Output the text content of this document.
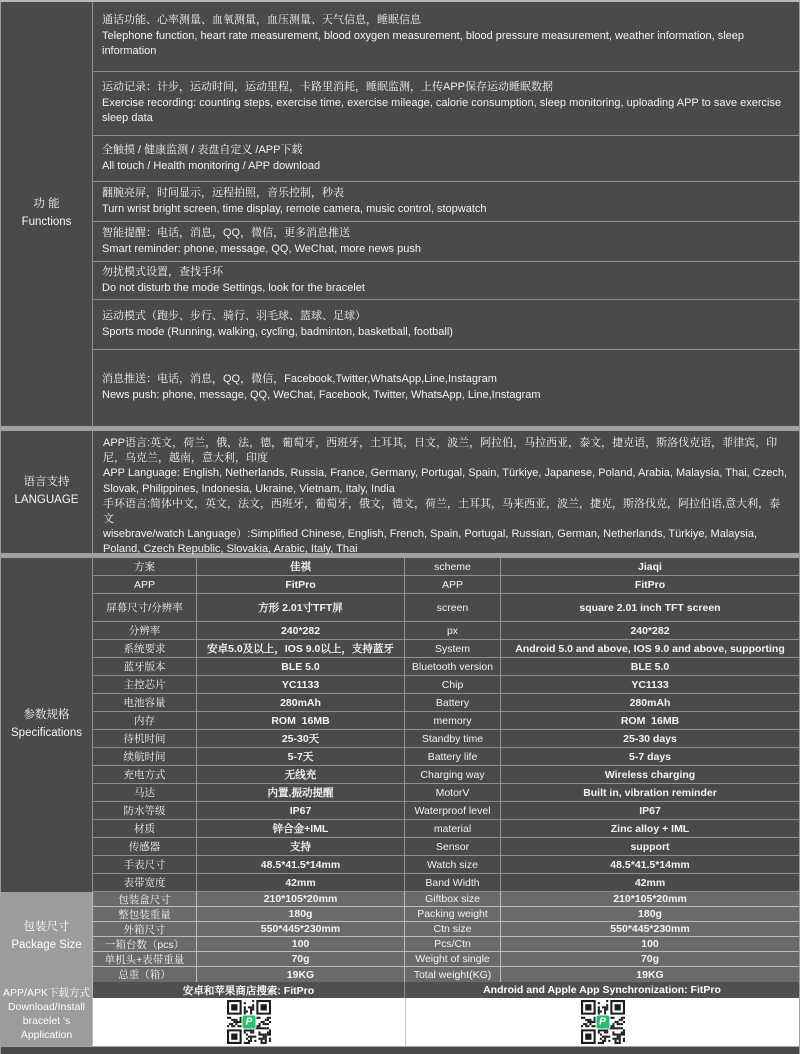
功 能
Functions

通话功能、心率测量、血氧测量，血压测量、天气信息，睡眠信息

Telephone function, heart rate measurement, blood oxygen measurement, blood pressure measurement, weather information, sleep information

运动记录：计步，运动时间，运动里程，卡路里消耗，睡眠监测，上传APP保存运动睡眠数据

Exercise recording: counting steps, exercise time, exercise mileage, calorie consumption, sleep monitoring, uploading APP to save exercise sleep data

全触摸 / 健康监测 / 表盘自定义 /APP下载

All touch / Health monitoring / APP download

翻腕亮屏，时间显示，远程拍照，音乐控制，秒表

Turn wrist bright screen, time display, remote camera, music control, stopwatch

智能提醒：电话，消息，QQ，微信，更多消息推送

Smart reminder: phone, message, QQ, WeChat, more news push

勿扰模式设置，查找手环

Do not disturb the mode Settings, look for the bracelet

运动模式（跑步、步行、骑行、羽毛球、篮球、足球）

Sports mode (Running, walking, cycling, badminton, basketball, football)

消息推送：电话，消息，QQ，微信，Facebook,Twitter,WhatsApp,Line,Instagram

News push: phone, message, QQ, WeChat, Facebook, Twitter, WhatsApp, Line,Instagram

语言支持
LANGUAGE

APP语言:英文，荷兰，俄，法，德，葡萄牙，西班牙，土耳其，日文，波兰，阿拉伯，马拉西亚，泰文，捷克语，斯洛伐克语，菲律宾，印尼，乌克兰，越南，意大利，印度

APP Language: English, Netherlands, Russia, France, Germany, Portugal, Spain, Türkiye, Japanese, Poland, Arabia, Malaysia, Thai, Czech, Slovak, Philippines, Indonesia, Ukraine, Vietnam, Italy, India

手环语言:简体中文，英文，法文，西班牙，葡萄牙，俄文，德文，荷兰，土耳其，马来西亚，波兰，捷克，斯洛伐克，阿拉伯语,意大利，泰文

wisebrave/watch Language）:Simplified Chinese, English, French, Spain, Portugal, Russian, German, Netherlands, Türkiye, Malaysia, Poland, Czech Republic, Slovakia, Arabic, Italy, Thai

参数规格
Specifications
方案	佳祺	scheme	Jiaqi
APP	FitPro	APP	FitPro
屏幕尺寸/分辨率	方形 2.01寸TFT屏	screen	square 2.01 inch TFT screen
分辨率	240*282	px	240*282
系统要求	安卓5.0及以上，IOS 9.0以上，支持蓝牙	System	Android 5.0 and above, IOS 9.0 and above, supporting
蓝牙版本	BLE 5.0	Bluetooth version	BLE 5.0
主控芯片	YC1133	Chip	YC1133
电池容量	280mAh	Battery	280mAh
内存	ROM  16MB	memory	ROM  16MB
待机时间	25-30天	Standby time	25-30 days
续航时间	5-7天	Battery life	5-7 days
充电方式	无线充	Charging way	Wireless charging
马达	内置,振动提醒	MotorV	Built in, vibration reminder
防水等级	IP67	Waterproof level	IP67
材质	锌合金+IML	material	Zinc alloy + IML
传感器	支持	Sensor	support
手表尺寸	48.5*41.5*14mm	Watch size	48.5*41.5*14mm
表带宽度	42mm	Band Width	42mm
包装尺寸
Package Size
包装盒尺寸	210*105*20mm	Giftbox size	210*105*20mm
整包装重量	180g	Packing weight	180g
外箱尺寸	550*445*230mm	Ctn size	550*445*230mm
一箱台数（pcs）	100	Pcs/Ctn	100
单机头+表带重量	70g	Weight of single	70g
总重（箱）	19KG	Total weight(KG)	19KG
APP/APK下载方式
Download/Install
bracelet 's
Application
安卓和苹果商店搜索: FitPro	Android and Apple App Synchronization: FitPro
P	P
